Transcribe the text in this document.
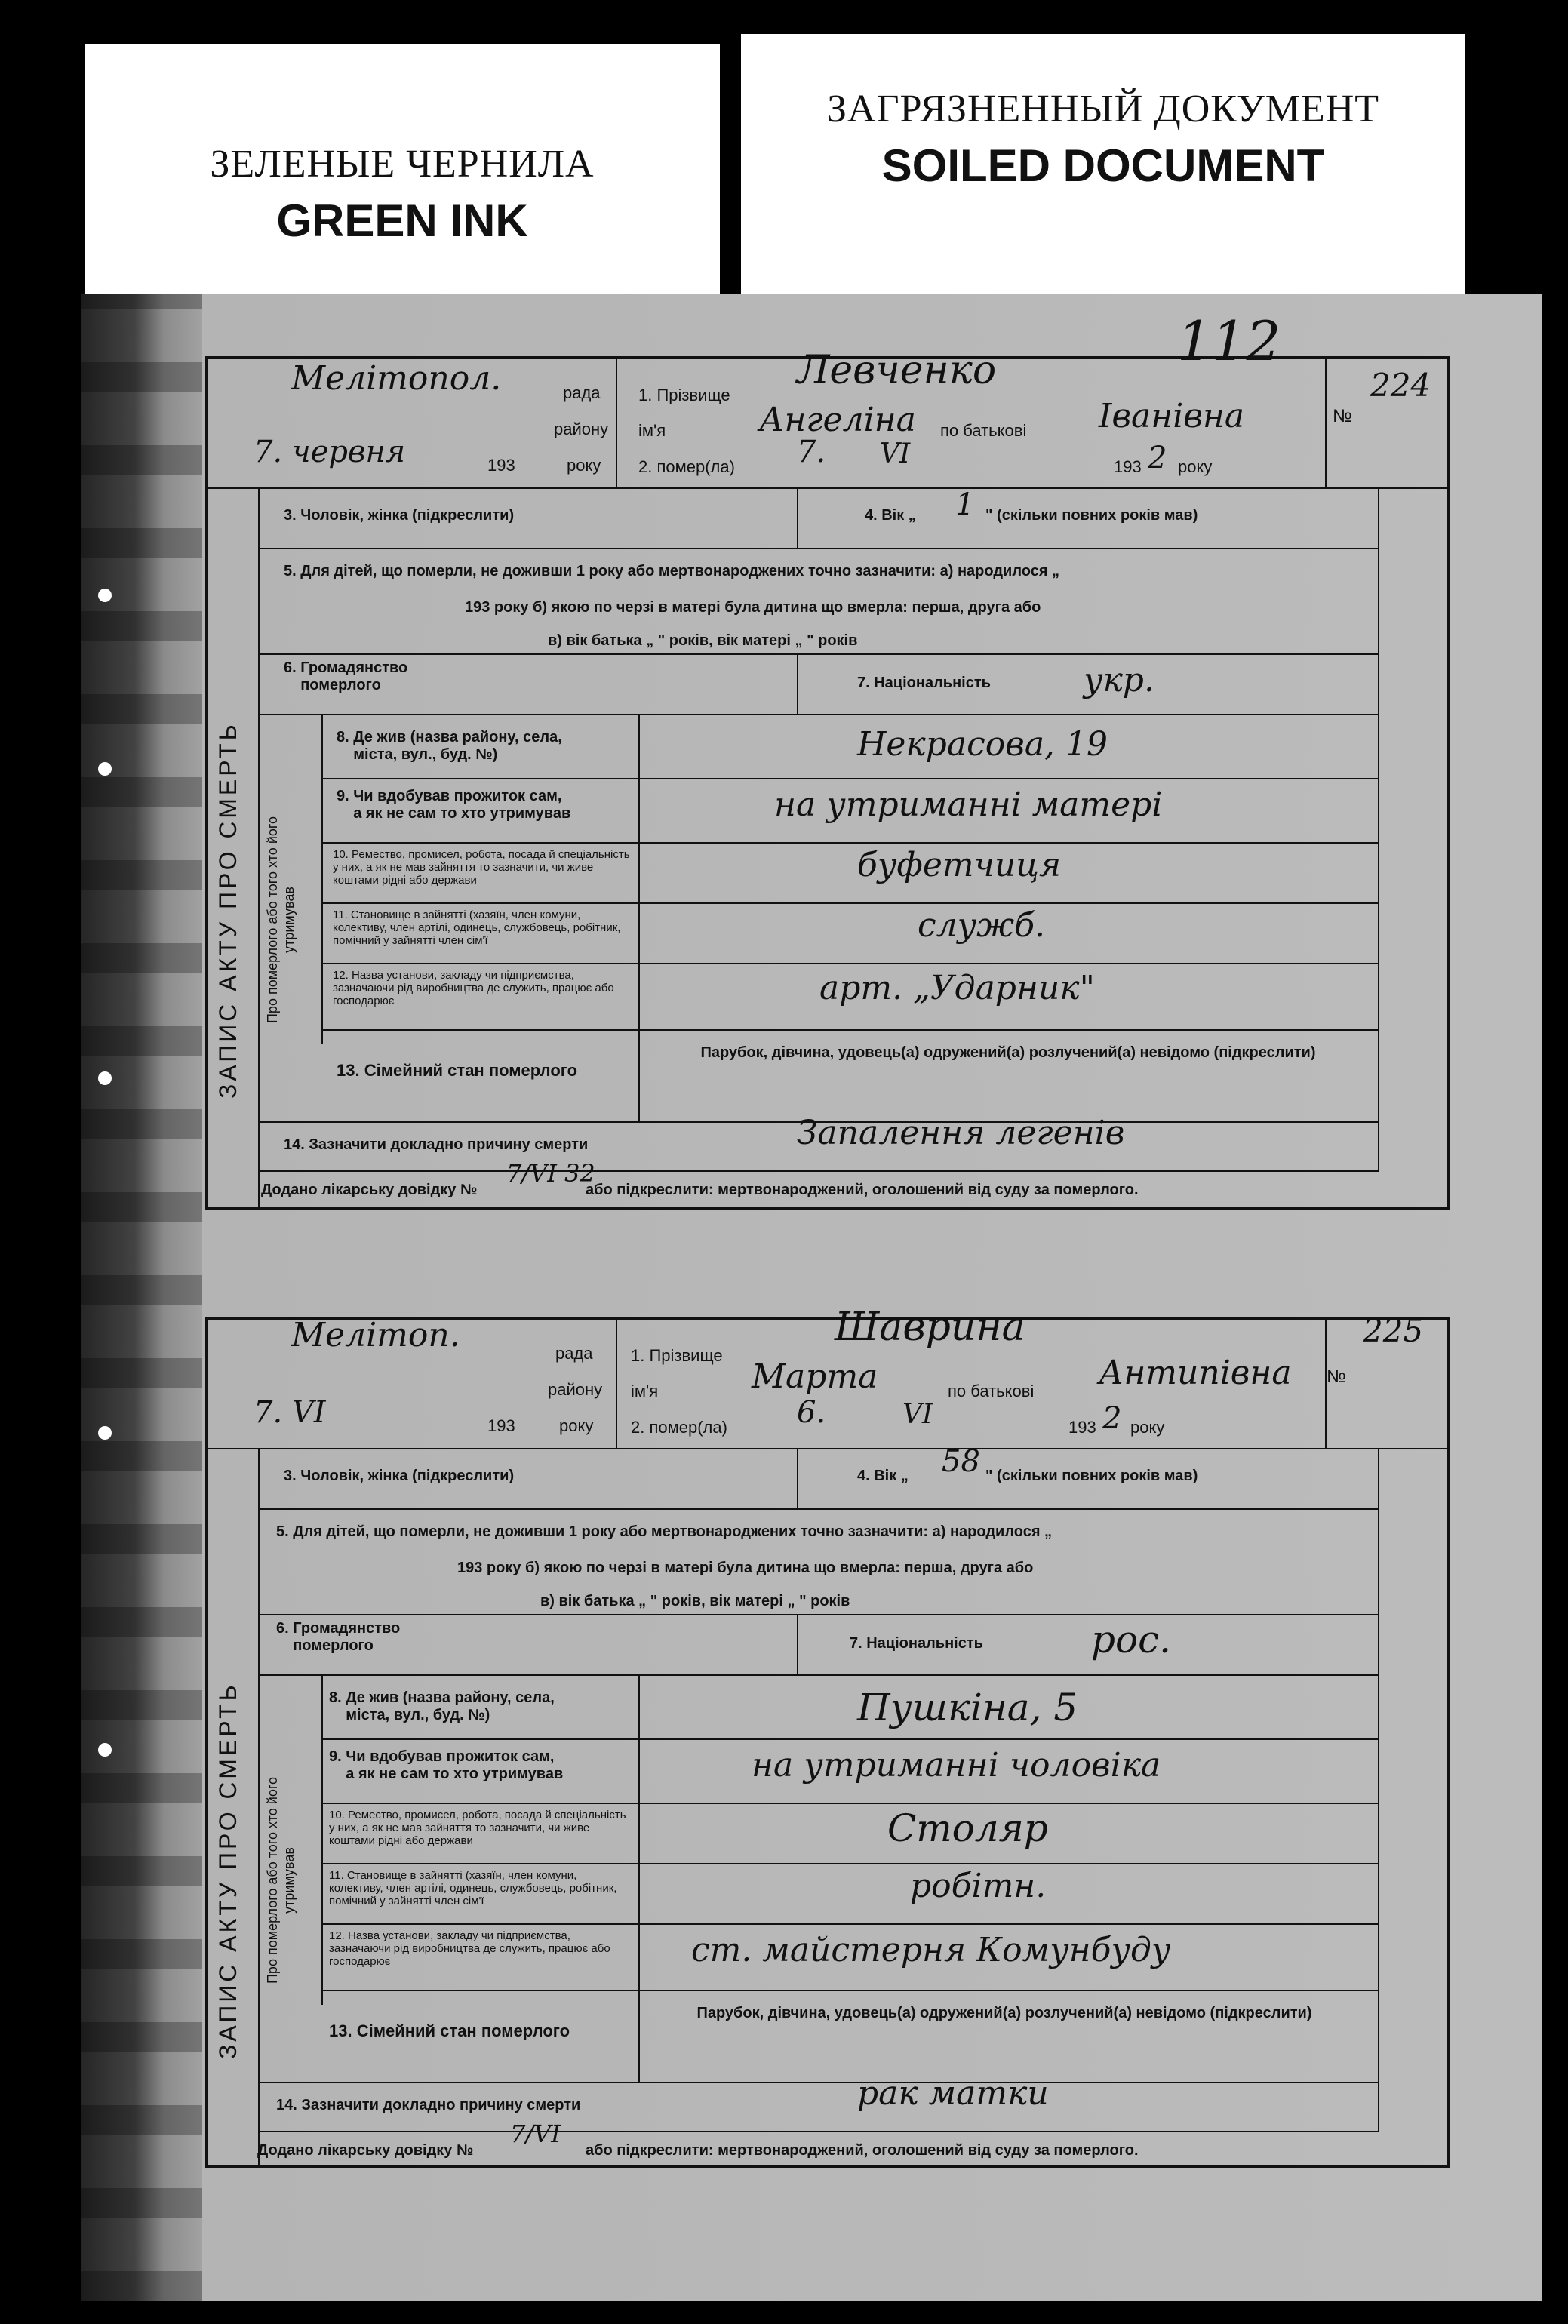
ЗЕЛЕНЫЕ ЧЕРНИЛА
GREEN INK
ЗАГРЯЗНЕННЫЙ ДОКУМЕНТ
SOILED DOCUMENT
112
Мелітопол.	рада
району
7. червня	193	року
1. Прізвище
Левченко
ім'я	Ангеліна по батькові Іванівна
2. помер(ла) 7. VI	193 2 року
№
224
ЗАПИС АКТУ ПРО СМЕРТЬ
3. Чоловік, жінка (підкреслити)	4. Вік „ 1 " (скільки повних років мав)
5. Для дітей, що померли, не доживши 1 року або мертвонароджених точно зазначити: а) народилося „
193 року б) якою по черзі в матері була дитина що вмерла: перша, друга або
в) вік батька „ " років, вік матері „ " років
6. Громадянство
померлого	7. Національність	укр.
Про померлого або того хто його
утримував
8. Де жив (назва району, села,
міста, вул., буд. №)	Некрасова, 19
9. Чи вдобував прожиток сам,
а як не сам то хто утримував	на утриманні матері
10. Ремество, промисел, робота, посада й спеціальність у них, а як не мав зайняття то зазначити, чи живе коштами рідні або держави	буфетчиця
11. Становище в зайнятті (хазяїн, член комуни, колективу, член артілі, одинець, службовець, робітник, помічний у зайнятті член сім'ї	служб.
12. Назва установи, закладу чи підприємства, зазначаючи рід виробництва де служить, працює або господарює	арт. „Ударник"
13. Сімейний стан померлого
Парубок, дівчина, удовець(а) одружений(а) розлучений(а) невідомо (підкреслити)
14. Зазначити докладно причину смерти	Запалення легенів
Додано лікарську довідку №
7/VI 32
або підкреслити: мертвонароджений, оголошений від суду за померлого.
Мелітоп.	рада
району
7. VI	193	року
1. Прізвище
Шаврина
ім'я	Марта	по батькові Антипівна
2. помер(ла) 6.	VI	193 2 року
№
225
ЗАПИС АКТУ ПРО СМЕРТЬ
3. Чоловік, жінка (підкреслити)	4. Вік „ 58 " (скільки повних років мав)
5. Для дітей, що померли, не доживши 1 року або мертвонароджених точно зазначити: а) народилося „
193 року б) якою по черзі в матері була дитина що вмерла: перша, друга або
в) вік батька „ " років, вік матері „ " років
6. Громадянство
померлого	7. Національність	рос.
Про померлого або того хто його
утримував
8. Де жив (назва району, села,
міста, вул., буд. №)	Пушкіна, 5
9. Чи вдобував прожиток сам,
а як не сам то хто утримував	на утриманні чоловіка
10. Ремество, промисел, робота, посада й спеціальність у них, а як не мав зайняття то зазначити, чи живе коштами рідні або держави	Столяр
11. Становище в зайнятті (хазяїн, член комуни, колективу, член артілі, одинець, службовець, робітник, помічний у зайнятті член сім'ї	робітн.
12. Назва установи, закладу чи підприємства, зазначаючи рід виробництва де служить, працює або господарює	ст. майстерня Комунбуду
13. Сімейний стан померлого
Парубок, дівчина, удовець(а) одружений(а) розлучений(а) невідомо (підкреслити)
14. Зазначити докладно причину смерти	рак матки
Додано лікарську довідку №
7/VI
або підкреслити: мертвонароджений, оголошений від суду за померлого.
